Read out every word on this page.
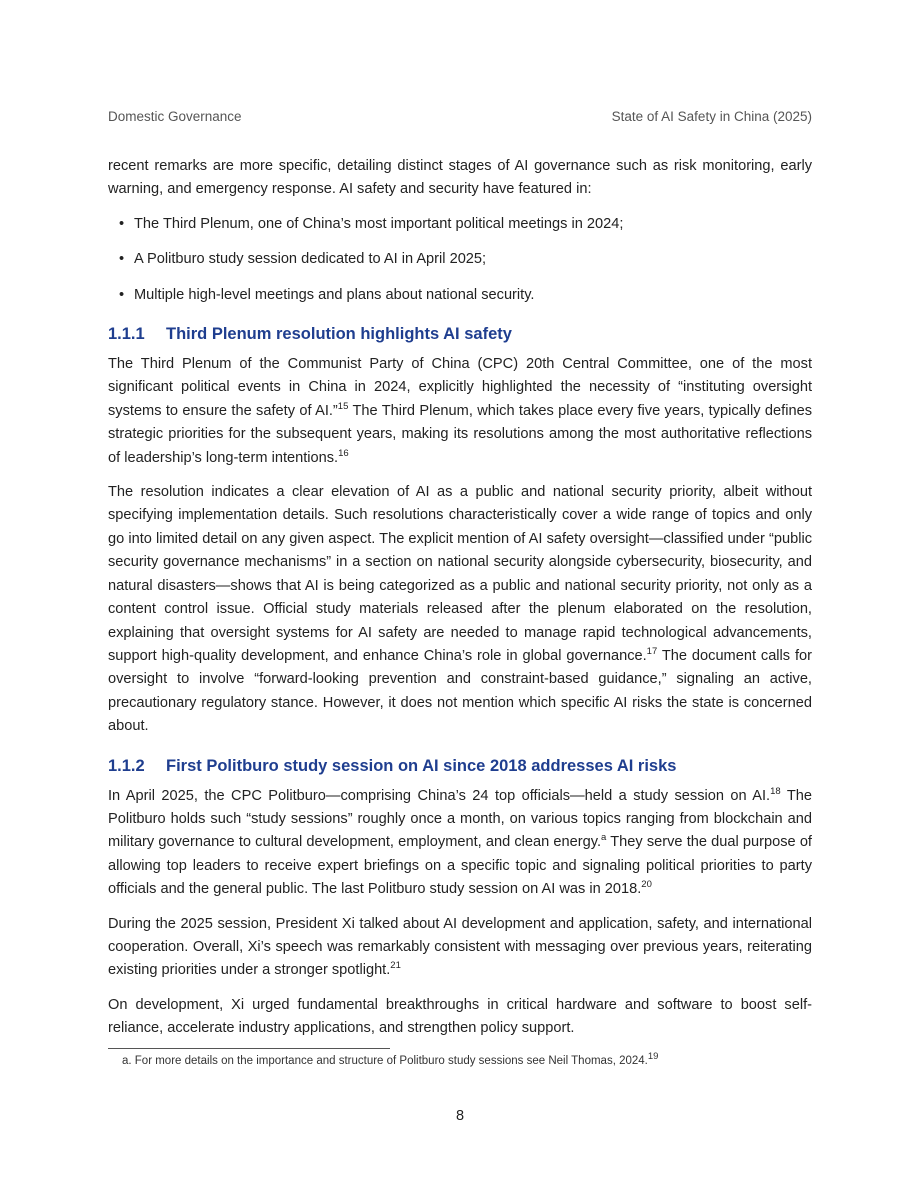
Domestic Governance	State of AI Safety in China (2025)

recent remarks are more specific, detailing distinct stages of AI governance such as risk monitoring, early warning, and emergency response. AI safety and security have featured in:

• The Third Plenum, one of China’s most important political meetings in 2024;
• A Politburo study session dedicated to AI in April 2025;
• Multiple high-level meetings and plans about national security.
1.1.1	Third Plenum resolution highlights AI safety

The Third Plenum of the Communist Party of China (CPC) 20th Central Committee, one of the most significant political events in China in 2024, explicitly highlighted the necessity of “instituting oversight systems to ensure the safety of AI.”$^{15}$ The Third Plenum, which takes place every five years, typically defines strategic priorities for the subsequent years, making its resolutions among the most authoritative reflections of leadership’s long-term intentions.$^{16}$

The resolution indicates a clear elevation of AI as a public and national security priority, albeit without specifying implementation details. Such resolutions characteristically cover a wide range of topics and only go into limited detail on any given aspect. The explicit mention of AI safety oversight—classified under “public security governance mechanisms” in a section on national security alongside cybersecurity, biosecurity, and natural disasters—shows that AI is being categorized as a public and national security priority, not only as a content control issue. Official study materials released after the plenum elaborated on the resolution, explaining that oversight systems for AI safety are needed to manage rapid technological advancements, support high-quality development, and enhance China’s role in global governance.$^{17}$ The document calls for oversight to involve “forward-looking prevention and constraint-based guidance,” signaling an active, precautionary regulatory stance. However, it does not mention which specific AI risks the state is concerned about.

1.1.2	First Politburo study session on AI since 2018 addresses AI risks

In April 2025, the CPC Politburo—comprising China’s 24 top officials—held a study session on AI.$^{18}$ The Politburo holds such “study sessions” roughly once a month, on various topics ranging from blockchain and military governance to cultural development, employment, and clean energy.$^a$ They serve the dual purpose of allowing top leaders to receive expert briefings on a specific topic and signaling political priorities to party officials and the general public. The last Politburo study session on AI was in 2018.20

During the 2025 session, President Xi talked about AI development and application, safety, and international cooperation. Overall, Xi’s speech was remarkably consistent with messaging over previous years, reiterating existing priorities under a stronger spotlight.$^{21}$

On development, Xi urged fundamental breakthroughs in critical hardware and software to boost self-reliance, accelerate industry applications, and strengthen policy support.

a. For more details on the importance and structure of Politburo study sessions see Neil Thomas, 2024.19
8
